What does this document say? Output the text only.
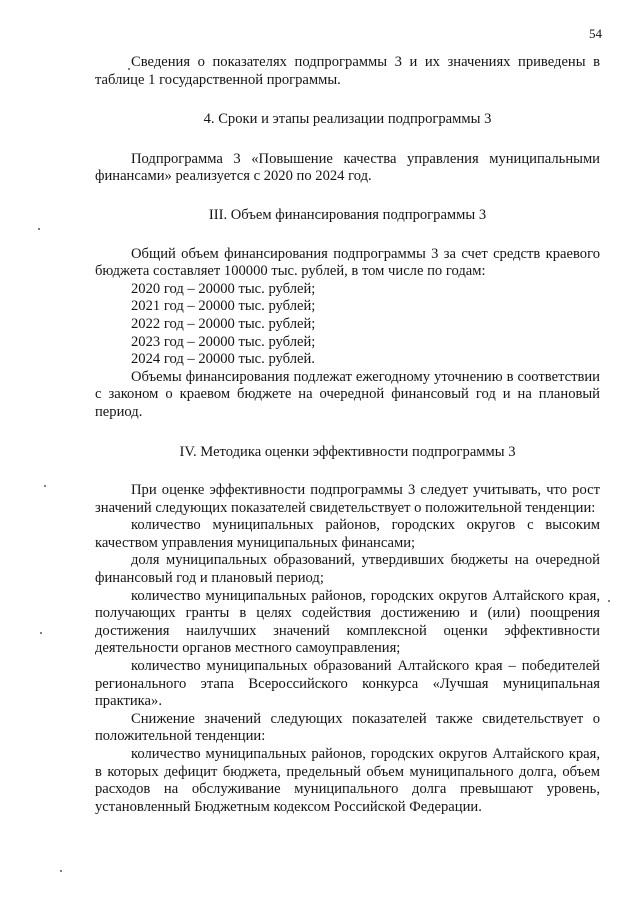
54

Сведения о показателях подпрограммы 3 и их значениях приведены в таблице 1 государственной программы.

4. Сроки и этапы реализации подпрограммы 3

Подпрограмма 3 «Повышение качества управления муниципальными финансами» реализуется с 2020 по 2024 год.

III. Объем финансирования подпрограммы 3

Общий объем финансирования подпрограммы 3 за счет средств краевого бюджета составляет 100000 тыс. рублей, в том числе по годам:

2020 год – 20000 тыс. рублей;
2021 год – 20000 тыс. рублей;
2022 год – 20000 тыс. рублей;
2023 год – 20000 тыс. рублей;
2024 год – 20000 тыс. рублей.

Объемы финансирования подлежат ежегодному уточнению в соответствии с законом о краевом бюджете на очередной финансовый год и на плановый период.

IV. Методика оценки эффективности подпрограммы 3

При оценке эффективности подпрограммы 3 следует учитывать, что рост значений следующих показателей свидетельствует о положительной тенденции:

количество муниципальных районов, городских округов с высоким качеством управления муниципальных финансами;

доля муниципальных образований, утвердивших бюджеты на очередной финансовый год и плановый период;

количество муниципальных районов, городских округов Алтайского края, получающих гранты в целях содействия достижению и (или) поощрения достижения наилучших значений комплексной оценки эффективности деятельности органов местного самоуправления;

количество муниципальных образований Алтайского края – победителей регионального этапа Всероссийского конкурса «Лучшая муниципальная практика».

Снижение значений следующих показателей также свидетельствует о положительной тенденции:

количество муниципальных районов, городских округов Алтайского края, в которых дефицит бюджета, предельный объем муниципального долга, объем расходов на обслуживание муниципального долга превышают уровень, установленный Бюджетным кодексом Российской Федерации.
